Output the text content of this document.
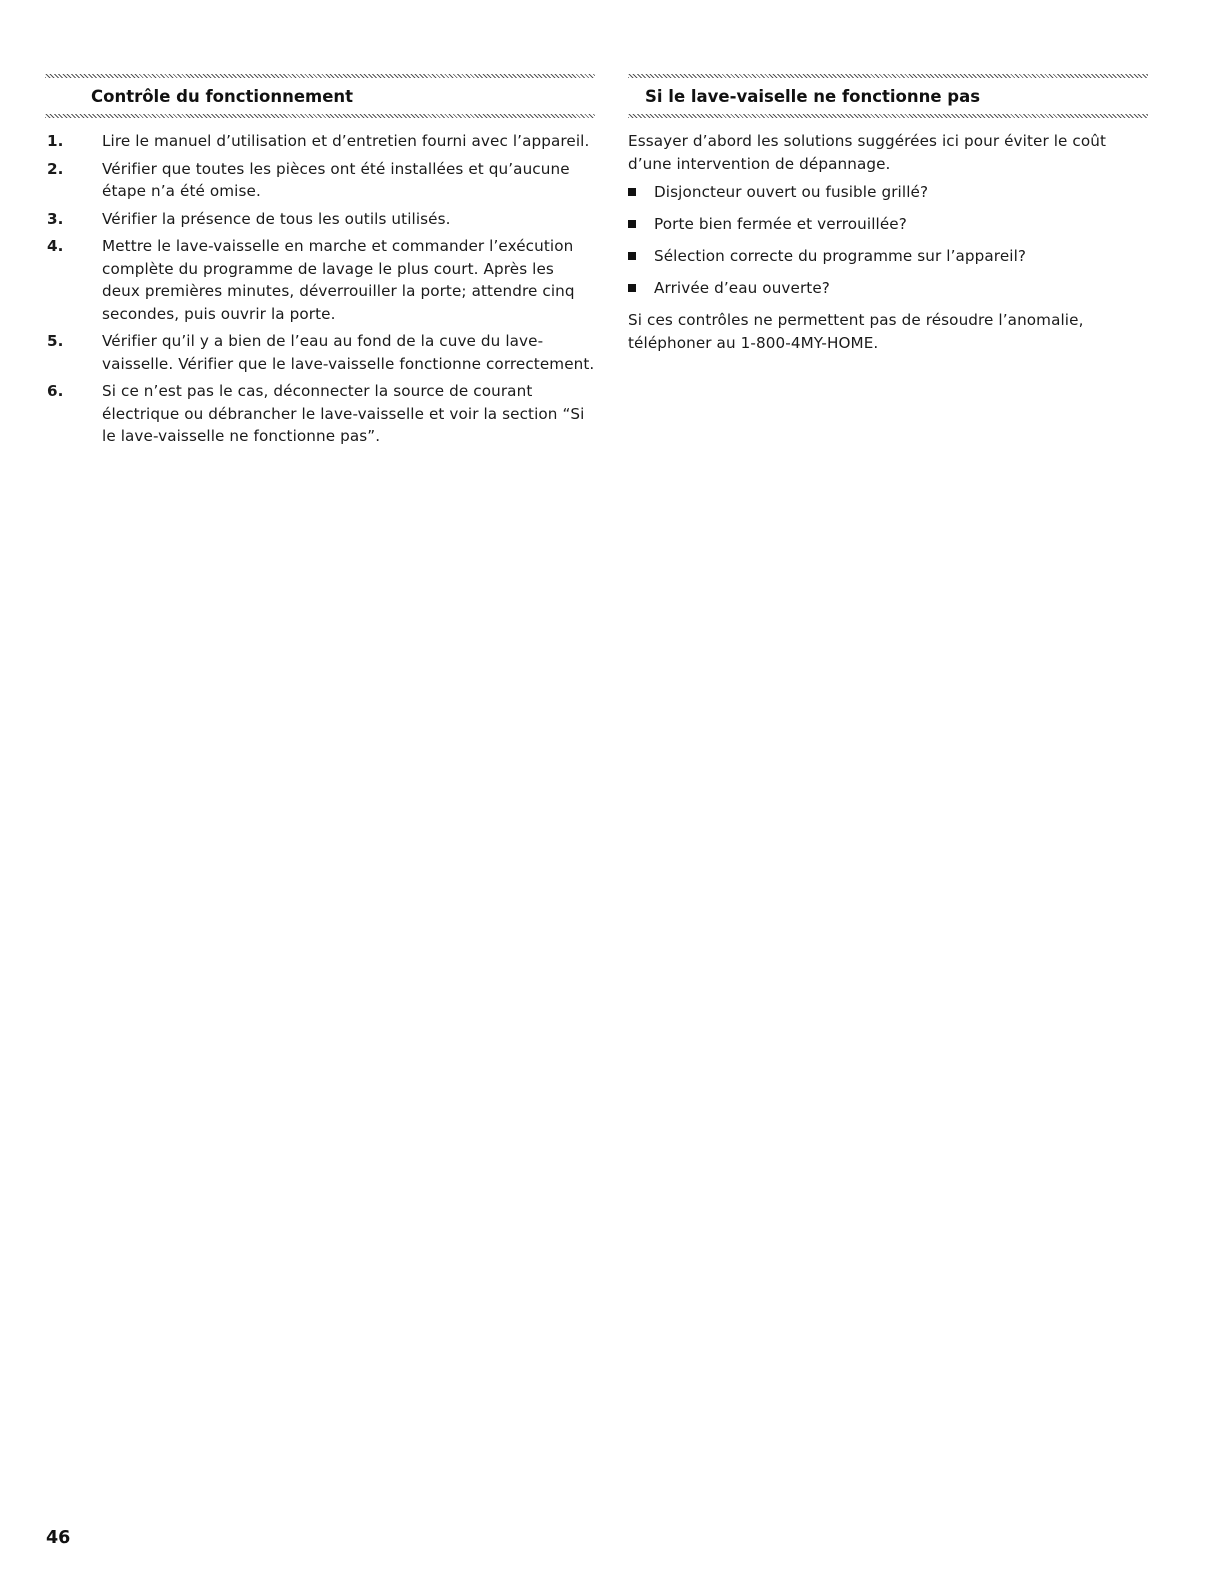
Contrôle du fonctionnement
1.	Lire le manuel d’utilisation et d’entretien fourni avec l’appareil.
2.	Vérifier que toutes les pièces ont été installées et qu’aucune étape n’a été omise.
3.	Vérifier la présence de tous les outils utilisés.
4.	Mettre le lave-vaisselle en marche et commander l’exécution complète du programme de lavage le plus court. Après les deux premières minutes, déverrouiller la porte; attendre cinq secondes, puis ouvrir la porte.
5.	Vérifier qu’il y a bien de l’eau au fond de la cuve du lave-vaisselle. Vérifier que le lave-vaisselle fonctionne correctement.
6.	Si ce n’est pas le cas, déconnecter la source de courant électrique ou débrancher le lave-vaisselle et voir la section “Si le lave-vaisselle ne fonctionne pas”.
Si le lave-vaiselle ne fonctionne pas

Essayer d’abord les solutions suggérées ici pour éviter le coût d’une intervention de dépannage.

Disjoncteur ouvert ou fusible grillé?
Porte bien fermée et verrouillée?
Sélection correcte du programme sur l’appareil?
Arrivée d’eau ouverte?

Si ces contrôles ne permettent pas de résoudre l’anomalie, téléphoner au 1-800-4MY-HOME.

46
